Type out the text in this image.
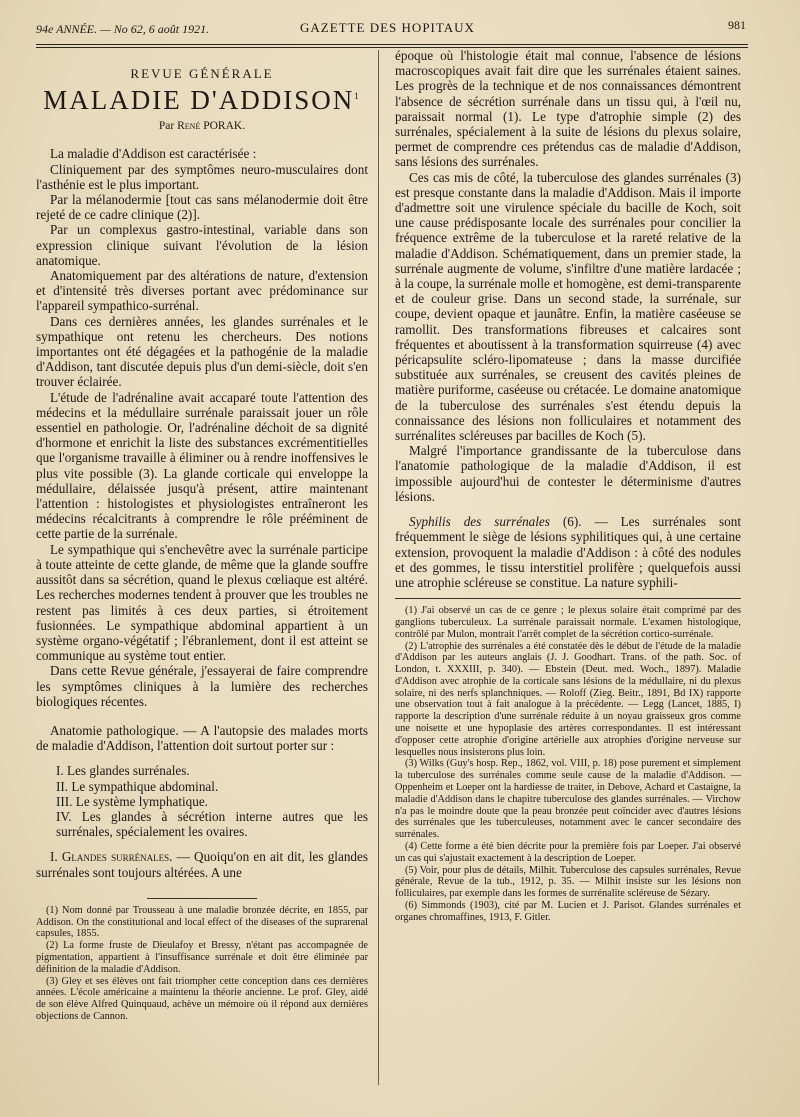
94e ANNÉE. — No 62, 6 août 1921.	GAZETTE DES HOPITAUX	981

REVUE GÉNÉRALE

MALADIE D'ADDISON$^1$
Par René PORAK.

La maladie d'Addison est caractérisée :

Cliniquement par des symptômes neuro-musculaires dont l'asthénie est le plus important.

Par la mélanodermie [tout cas sans mélanodermie doit être rejeté de ce cadre clinique (2)].

Par un complexus gastro-intestinal, variable dans son expression clinique suivant l'évolution de la lésion anatomique.

Anatomiquement par des altérations de nature, d'extension et d'intensité très diverses portant avec prédominance sur l'appareil sympathico-surrénal.

Dans ces dernières années, les glandes surrénales et le sympathique ont retenu les chercheurs. Des notions importantes ont été dégagées et la pathogénie de la maladie d'Addison, tant discutée depuis plus d'un demi-siècle, doit s'en trouver éclairée.

L'étude de l'adrénaline avait accaparé toute l'attention des médecins et la médullaire surrénale paraissait jouer un rôle essentiel en pathologie. Or, l'adrénaline déchoit de sa dignité d'hormone et enrichit la liste des substances excrémentitielles que l'organisme travaille à éliminer ou à rendre inoffensives le plus vite possible (3). La glande corticale qui enveloppe la médullaire, délaissée jusqu'à présent, attire maintenant l'attention : histologistes et physiologistes entraîneront les médecins récalcitrants à comprendre le rôle prééminent de cette partie de la surrénale.

Le sympathique qui s'enchevêtre avec la surrénale participe à toute atteinte de cette glande, de même que la glande souffre aussitôt dans sa sécrétion, quand le plexus cœliaque est altéré. Les recherches modernes tendent à prouver que les troubles ne restent pas limités à ces deux parties, si étroitement fusionnées. Le sympathique abdominal appartient à un système organo-végétatif ; l'ébranlement, dont il est atteint se communique au système tout entier.

Dans cette Revue générale, j'essayerai de faire comprendre les symptômes cliniques à la lumière des recherches biologiques récentes.

Anatomie pathologique. — A l'autopsie des malades morts de maladie d'Addison, l'attention doit surtout porter sur :

I. Les glandes surrénales.

II. Le sympathique abdominal.

III. Le système lymphatique.

IV. Les glandes à sécrétion interne autres que les surrénales, spécialement les ovaires.

I. Glandes surrénales. — Quoiqu'on en ait dit, les glandes surrénales sont toujours altérées. A une

(1) Nom donné par Trousseau à une maladie bronzée décrite, en 1855, par Addison. On the constitutional and local effect of the diseases of the suprarenal capsules, 1855.

(2) La forme fruste de Dieulafoy et Bressy, n'étant pas accompagnée de pigmentation, appartient à l'insuffisance surrénale et doit être éliminée par définition de la maladie d'Addison.

(3) Gley et ses élèves ont fait triompher cette conception dans ces dernières années. L'école américaine a maintenu la théorie ancienne. Le prof. Gley, aidé de son élève Alfred Quinquaud, achève un mémoire où il répond aux dernières objections de Cannon.

époque où l'histologie était mal connue, l'absence de lésions macroscopiques avait fait dire que les surrénales étaient saines. Les progrès de la technique et de nos connaissances démontrent l'absence de sécrétion surrénale dans un tissu qui, à l'œil nu, paraissait normal (1). Le type d'atrophie simple (2) des surrénales, spécialement à la suite de lésions du plexus solaire, permet de comprendre ces prétendus cas de maladie d'Addison, sans lésions des surrénales.

Ces cas mis de côté, la tuberculose des glandes surrénales (3) est presque constante dans la maladie d'Addison. Mais il importe d'admettre soit une virulence spéciale du bacille de Koch, soit une cause prédisposante locale des surrénales pour concilier la fréquence extrême de la tuberculose et la rareté relative de la maladie d'Addison. Schématiquement, dans un premier stade, la surrénale augmente de volume, s'infiltre d'une matière lardacée ; à la coupe, la surrénale molle et homogène, est demi-transparente et de couleur grise. Dans un second stade, la surrénale, sur coupe, devient opaque et jaunâtre. Enfin, la matière caséeuse se ramollit. Des transformations fibreuses et calcaires sont fréquentes et aboutissent à la transformation squirreuse (4) avec péricapsulite scléro-lipomateuse ; dans la masse durcifiée substituée aux surrénales, se creusent des cavités pleines de matière puriforme, caséeuse ou crétacée. Le domaine anatomique de la tuberculose des surrénales s'est étendu depuis la connaissance des lésions non folliculaires et notamment des surrénalites scléreuses par bacilles de Koch (5).

Malgré l'importance grandissante de la tuberculose dans l'anatomie pathologique de la maladie d'Addison, il est impossible aujourd'hui de contester le déterminisme d'autres lésions.

Syphilis des surrénales (6). — Les surrénales sont fréquemment le siège de lésions syphilitiques qui, à une certaine extension, provoquent la maladie d'Addison : à côté des nodules et des gommes, le tissu interstitiel prolifère ; quelquefois aussi une atrophie scléreuse se constitue. La nature syphili-

(1) J'ai observé un cas de ce genre ; le plexus solaire était comprimé par des ganglions tuberculeux. La surrénale paraissait normale. L'examen histologique, contrôlé par Mulon, montrait l'arrêt complet de la sécrétion cortico-surrénale.

(2) L'atrophie des surrénales a été constatée dès le début de l'étude de la maladie d'Addison par les auteurs anglais (J. J. Goodhart. Trans. of the path. Soc. of London, t. XXXIII, p. 340). — Ebstein (Deut. med. Woch., 1897). Maladie d'Addison avec atrophie de la corticale sans lésions de la médullaire, ni du plexus solaire, ni des nerfs splanchniques. — Roloff (Zieg. Beitr., 1891, Bd IX) rapporte une observation tout à fait analogue à la précédente. — Legg (Lancet, 1885, I) rapporte la description d'une surrénale réduite à un noyau graisseux gros comme une noisette et une hypoplasie des artères correspondantes. Il est intéressant d'opposer cette atrophie d'origine artérielle aux atrophies d'origine nerveuse sur lesquelles nous insisterons plus loin.

(3) Wilks (Guy's hosp. Rep., 1862, vol. VIII, p. 18) pose purement et simplement la tuberculose des surrénales comme seule cause de la maladie d'Addison. — Oppenheim et Loeper ont la hardiesse de traiter, in Debove, Achard et Castaigne, la maladie d'Addison dans le chapitre tuberculose des glandes surrénales. — Virchow n'a pas le moindre doute que la peau bronzée peut coïncider avec d'autres lésions des surrénales que les tuberculeuses, notamment avec le cancer secondaire des surrénales.

(4) Cette forme a été bien décrite pour la première fois par Loeper. J'ai observé un cas qui s'ajustait exactement à la description de Loeper.

(5) Voir, pour plus de détails, Milhit. Tuberculose des capsules surrénales, Revue générale, Revue de la tub., 1912, p. 35. — Milhit insiste sur les lésions non folliculaires, par exemple dans les formes de surrénalite scléreuse de Sézary.

(6) Simmonds (1903), cité par M. Lucien et J. Parisot. Glandes surrénales et organes chromaffines, 1913, F. Gitler.
